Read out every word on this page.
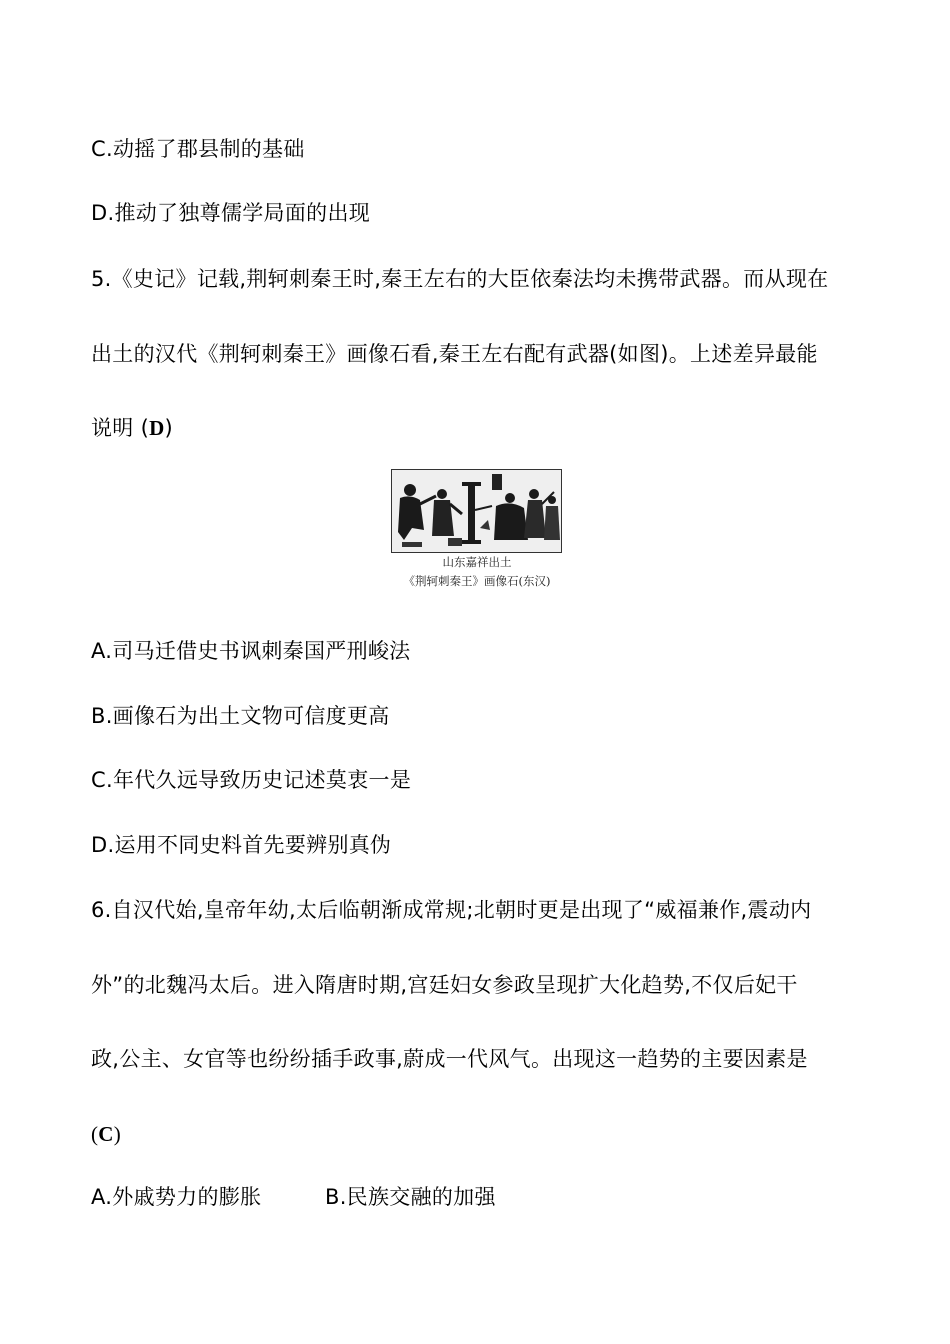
C.动摇了郡县制的基础
D.推动了独尊儒学局面的出现
5.《史记》记载,荆轲刺秦王时,秦王左右的大臣依秦法均未携带武器。而从现在
出土的汉代《荆轲刺秦王》画像石看,秦王左右配有武器(如图)。上述差异最能
说明 (D)
山东嘉祥出土
《荆轲刺秦王》画像石(东汉)
A.司马迁借史书讽刺秦国严刑峻法
B.画像石为出土文物可信度更高
C.年代久远导致历史记述莫衷一是
D.运用不同史料首先要辨别真伪
6.自汉代始,皇帝年幼,太后临朝渐成常规;北朝时更是出现了“威福兼作,震动内
外”的北魏冯太后。进入隋唐时期,宫廷妇女参政呈现扩大化趋势,不仅后妃干
政,公主、女官等也纷纷插手政事,蔚成一代风气。出现这一趋势的主要因素是
(C)
A.外戚势力的膨胀	B.民族交融的加强
